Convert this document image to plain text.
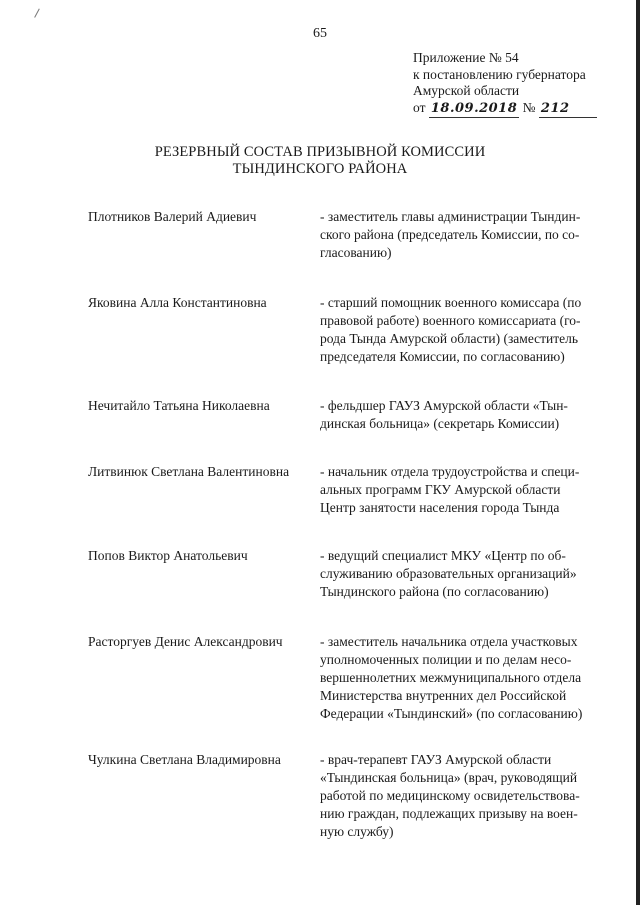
65
Приложение № 54
к постановлению губернатора
Амурской области
от 18.09.2018 № 212
РЕЗЕРВНЫЙ СОСТАВ ПРИЗЫВНОЙ КОМИССИИ
ТЫНДИНСКОГО РАЙОНА
Плотников Валерий Адиевич	- заместитель главы администрации Тындин-
ского района (председатель Комиссии, по со-
гласованию)
Яковина Алла Константиновна	- старший помощник военного комиссара (по
правовой работе) военного комиссариата (го-
рода Тында Амурской области) (заместитель
председателя Комиссии, по согласованию)
Нечитайло Татьяна Николаевна	- фельдшер ГАУЗ Амурской области «Тын-
динская больница» (секретарь Комиссии)
Литвинюк Светлана Валентиновна	- начальник отдела трудоустройства и специ-
альных программ ГКУ Амурской области
Центр занятости населения города Тында
Попов Виктор Анатольевич	- ведущий специалист МКУ «Центр по об-
служиванию образовательных организаций»
Тындинского района (по согласованию)
Расторгуев Денис Александрович	- заместитель начальника отдела участковых
уполномоченных полиции и по делам несо-
вершеннолетних межмуниципального отдела
Министерства внутренних дел Российской
Федерации «Тындинский» (по согласованию)
Чулкина Светлана Владимировна	- врач-терапевт ГАУЗ Амурской области
«Тындинская больница» (врач, руководящий
работой по медицинскому освидетельствова-
нию граждан, подлежащих призыву на воен-
ную службу)
